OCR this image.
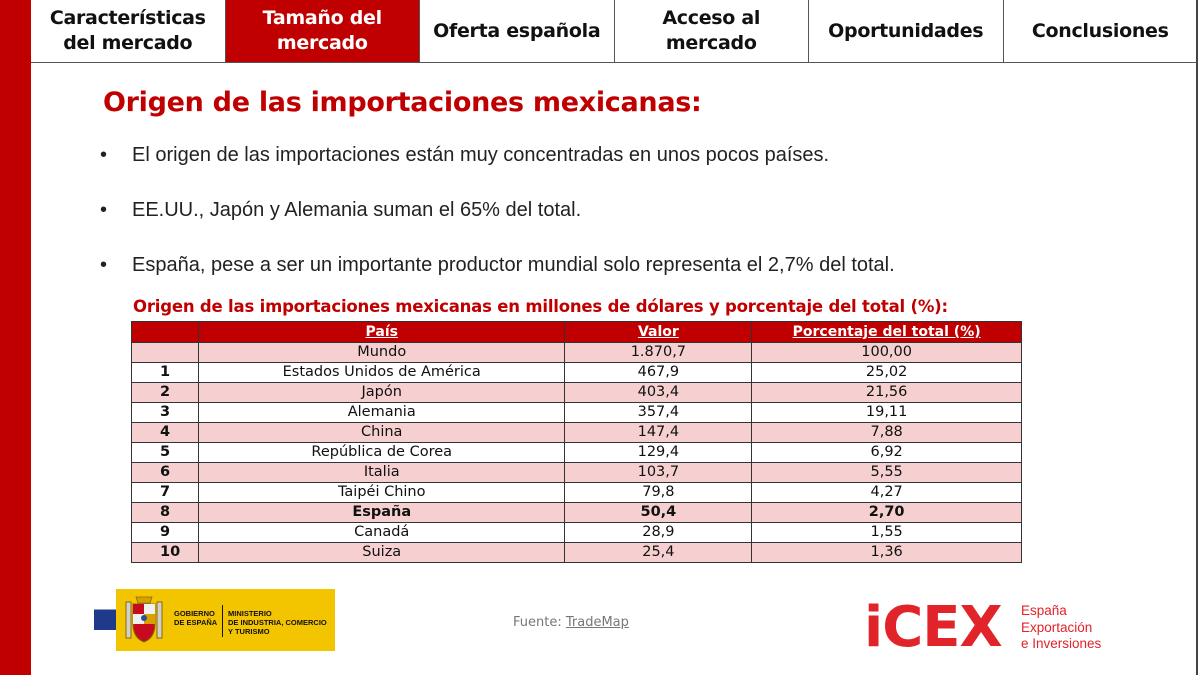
Características del mercado
Tamaño del mercado
Oferta española
Acceso al mercado
Oportunidades	Conclusiones
Origen de las importaciones mexicanas:
•	El origen de las importaciones están muy concentradas en unos pocos países.
•	EE.UU., Japón y Alemania suman el 65% del total.
•	España, pese a ser un importante productor mundial solo representa el 2,7% del total.
Origen de las importaciones mexicanas en millones de dólares y porcentaje del total (%):
	País	Valor	Porcentaje del total (%)
	Mundo	1.870,7	100,00
1	Estados Unidos de América	467,9	25,02
2	Japón	403,4	21,56
3	Alemania	357,4	19,11
4	China	147,4	7,88
5	República de Corea	129,4	6,92
6	Italia	103,7	5,55
7	Taipéi Chino	79,8	4,27
8	España	50,4	2,70
9	Canadá	28,9	1,55
10	Suiza	25,4	1,36
GOBIERNO
DE ESPAÑA
MINISTERIO
DE INDUSTRIA, COMERCIO
Y TURISMO
Fuente: TradeMap	iCEX España
Exportación
e Inversiones
